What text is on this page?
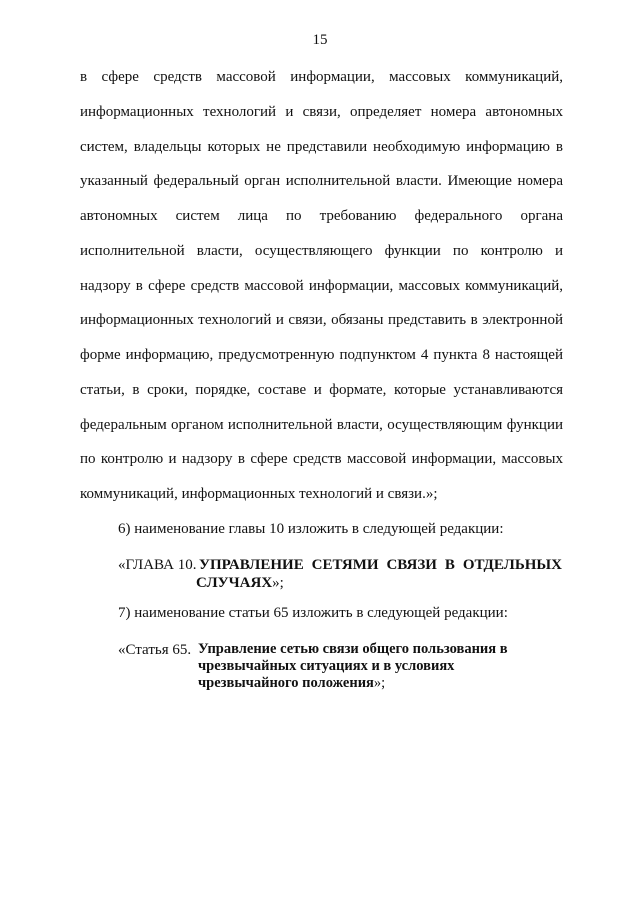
15
в сфере средств массовой информации, массовых коммуникаций,
информационных технологий и связи, определяет номера автономных
систем, владельцы которых не представили необходимую информацию в
указанный федеральный орган исполнительной власти. Имеющие номера
автономных систем лица по требованию федерального органа
исполнительной власти, осуществляющего функции по контролю и
надзору в сфере средств массовой информации, массовых коммуникаций,
информационных технологий и связи, обязаны представить в электронной
форме информацию, предусмотренную подпунктом 4 пункта 8 настоящей
статьи, в сроки, порядке, составе и формате, которые устанавливаются
федеральным органом исполнительной власти, осуществляющим функции
по контролю и надзору в сфере средств массовой информации, массовых
коммуникаций, информационных технологий и связи.»;
6) наименование главы 10 изложить в следующей редакции:
«ГЛАВА 10. УПРАВЛЕНИЕ СЕТЯМИ СВЯЗИ В ОТДЕЛЬНЫХ
СЛУЧАЯХ»;
7) наименование статьи 65 изложить в следующей редакции:
«Статья 65. Управление сетью связи общего пользования в
чрезвычайных ситуациях и в условиях
чрезвычайного положения»;
